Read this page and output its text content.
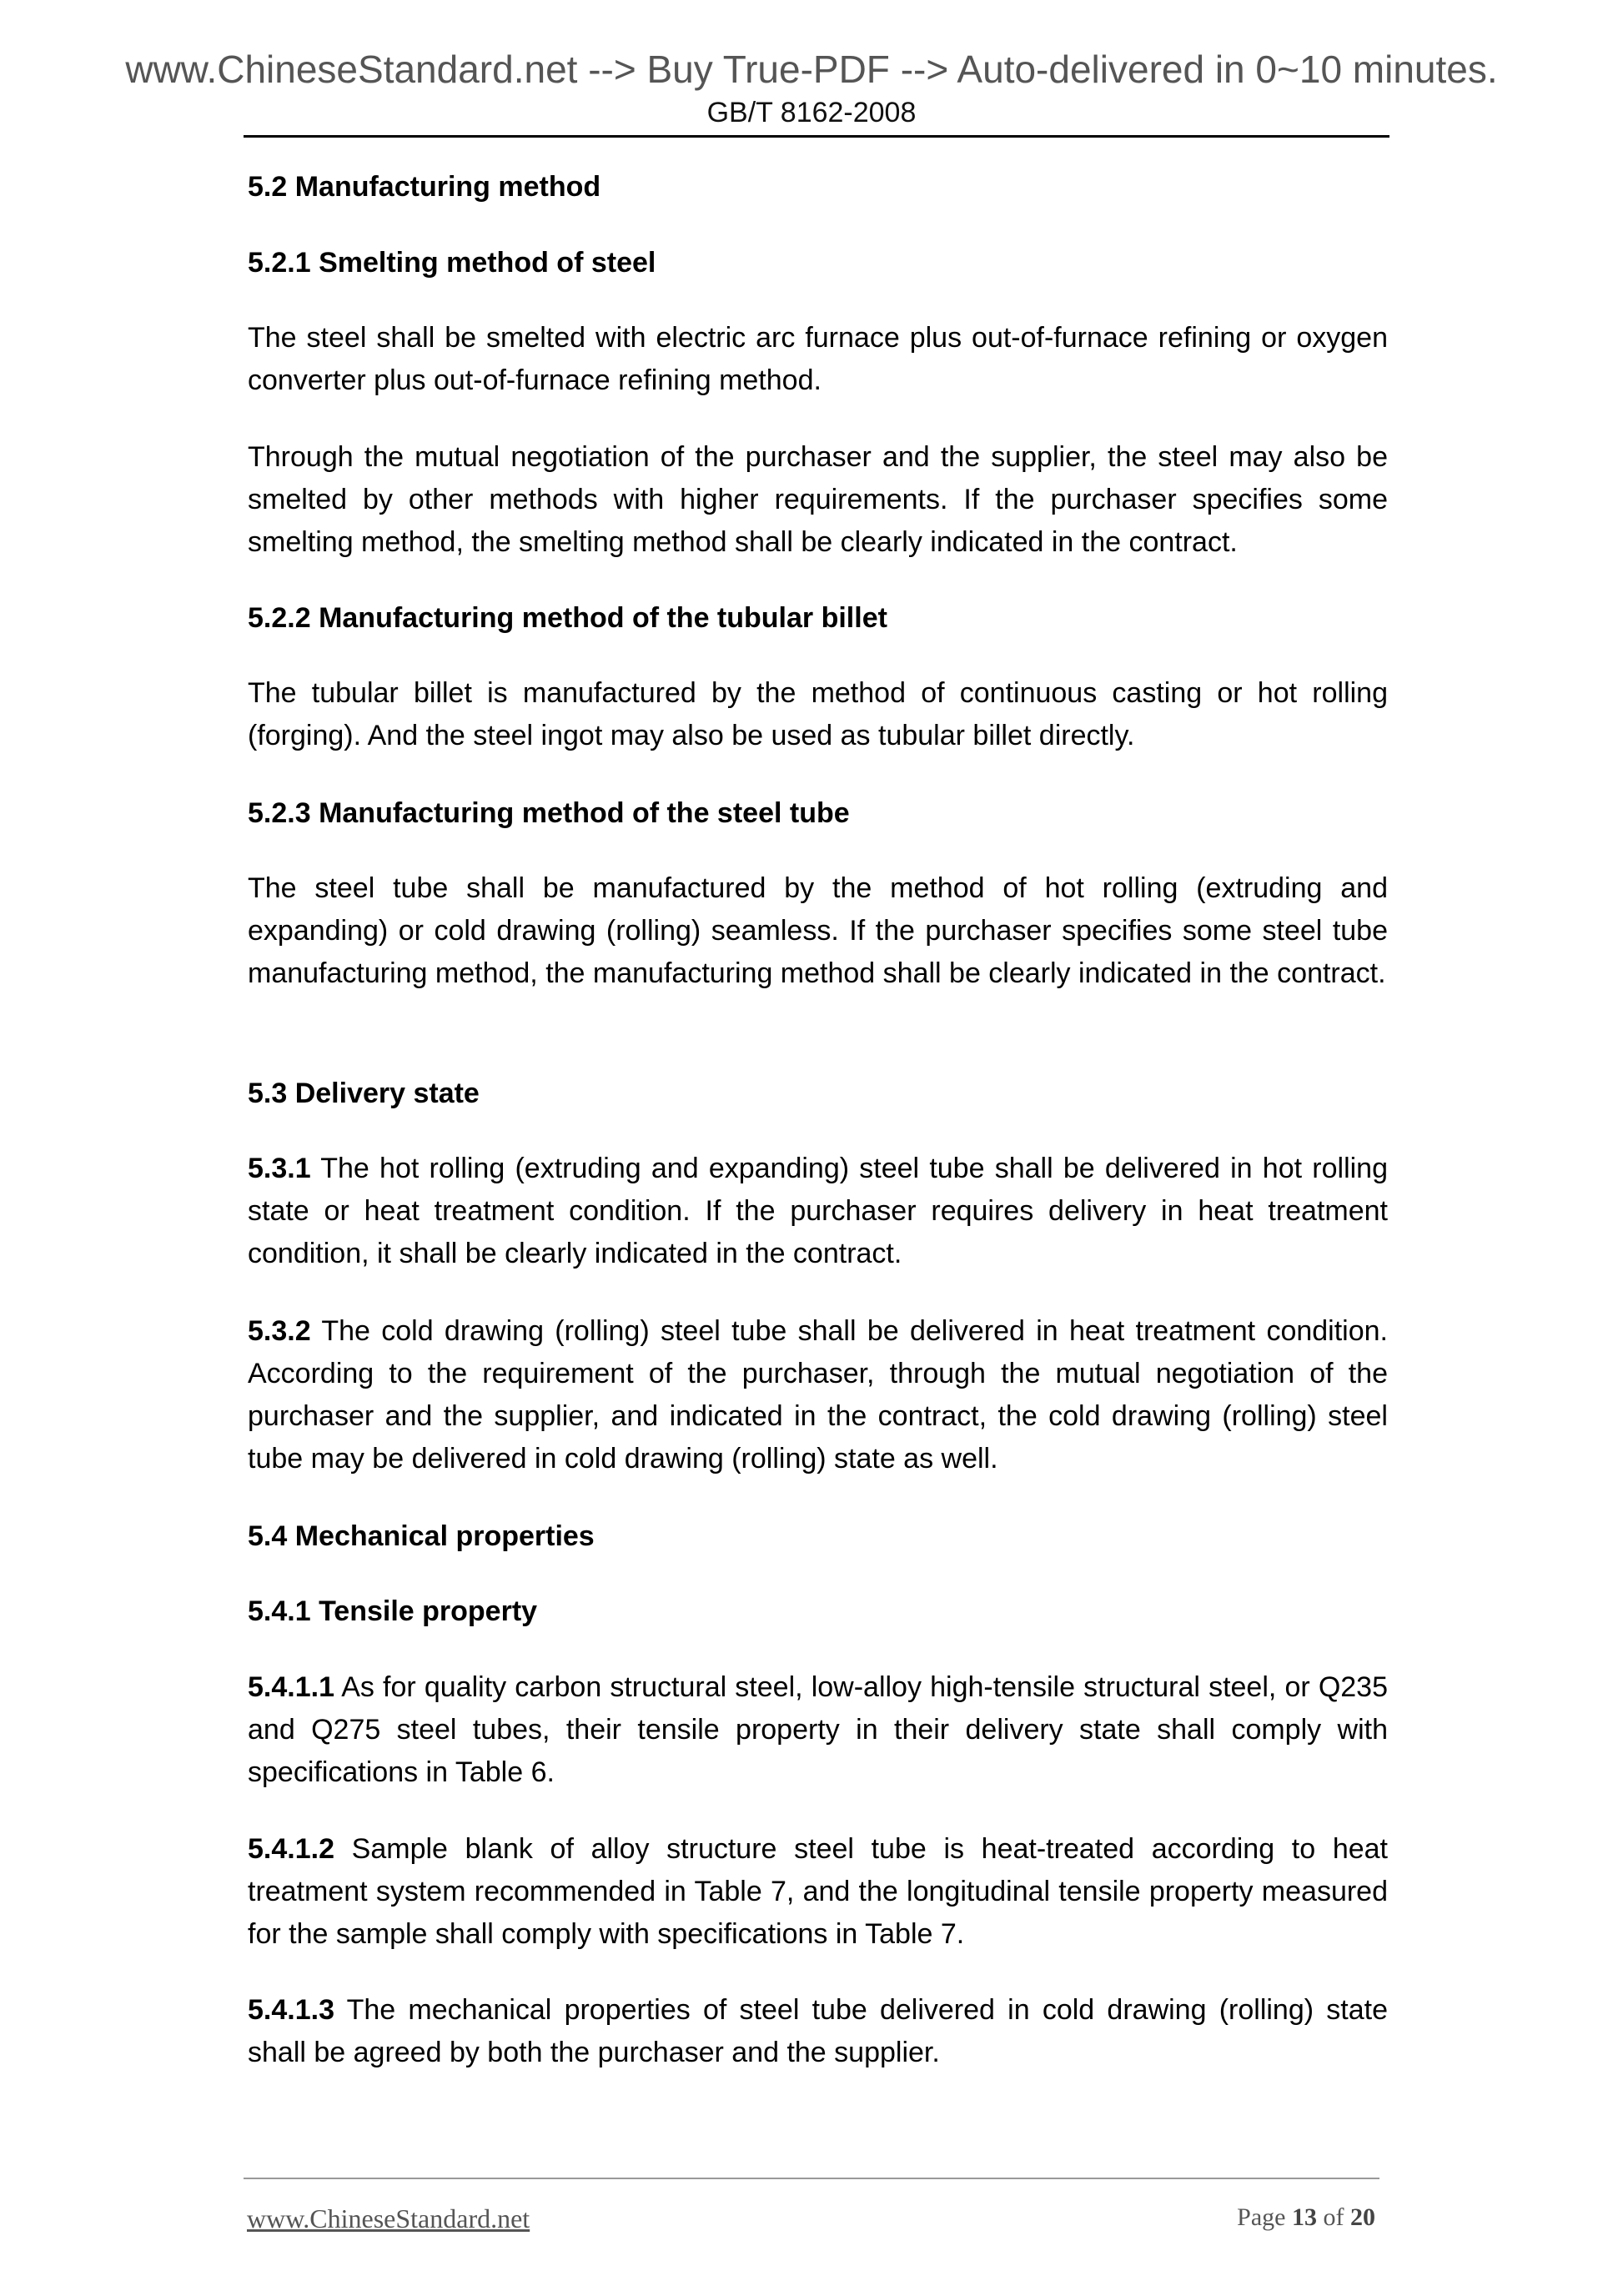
www.ChineseStandard.net --> Buy True-PDF --> Auto-delivered in 0~10 minutes.
GB/T 8162-2008

5.2 Manufacturing method

5.2.1 Smelting method of steel

The steel shall be smelted with electric arc furnace plus out-of-furnace refining or oxygen converter plus out-of-furnace refining method.

Through the mutual negotiation of the purchaser and the supplier, the steel may also be smelted by other methods with higher requirements. If the purchaser specifies some smelting method, the smelting method shall be clearly indicated in the contract.

5.2.2 Manufacturing method of the tubular billet

The tubular billet is manufactured by the method of continuous casting or hot rolling (forging). And the steel ingot may also be used as tubular billet directly.

5.2.3 Manufacturing method of the steel tube

The steel tube shall be manufactured by the method of hot rolling (extruding and expanding) or cold drawing (rolling) seamless. If the purchaser specifies some steel tube manufacturing method, the manufacturing method shall be clearly indicated in the contract.

5.3 Delivery state

5.3.1 The hot rolling (extruding and expanding) steel tube shall be delivered in hot rolling state or heat treatment condition. If the purchaser requires delivery in heat treatment condition, it shall be clearly indicated in the contract.

5.3.2 The cold drawing (rolling) steel tube shall be delivered in heat treatment condition. According to the requirement of the purchaser, through the mutual negotiation of the purchaser and the supplier, and indicated in the contract, the cold drawing (rolling) steel tube may be delivered in cold drawing (rolling) state as well.

5.4 Mechanical properties

5.4.1 Tensile property

5.4.1.1 As for quality carbon structural steel, low-alloy high-tensile structural steel, or Q235 and Q275 steel tubes, their tensile property in their delivery state shall comply with specifications in Table 6.

5.4.1.2 Sample blank of alloy structure steel tube is heat-treated according to heat treatment system recommended in Table 7, and the longitudinal tensile property measured for the sample shall comply with specifications in Table 7.

5.4.1.3 The mechanical properties of steel tube delivered in cold drawing (rolling) state shall be agreed by both the purchaser and the supplier.

www.ChineseStandard.net	Page 13 of 20
